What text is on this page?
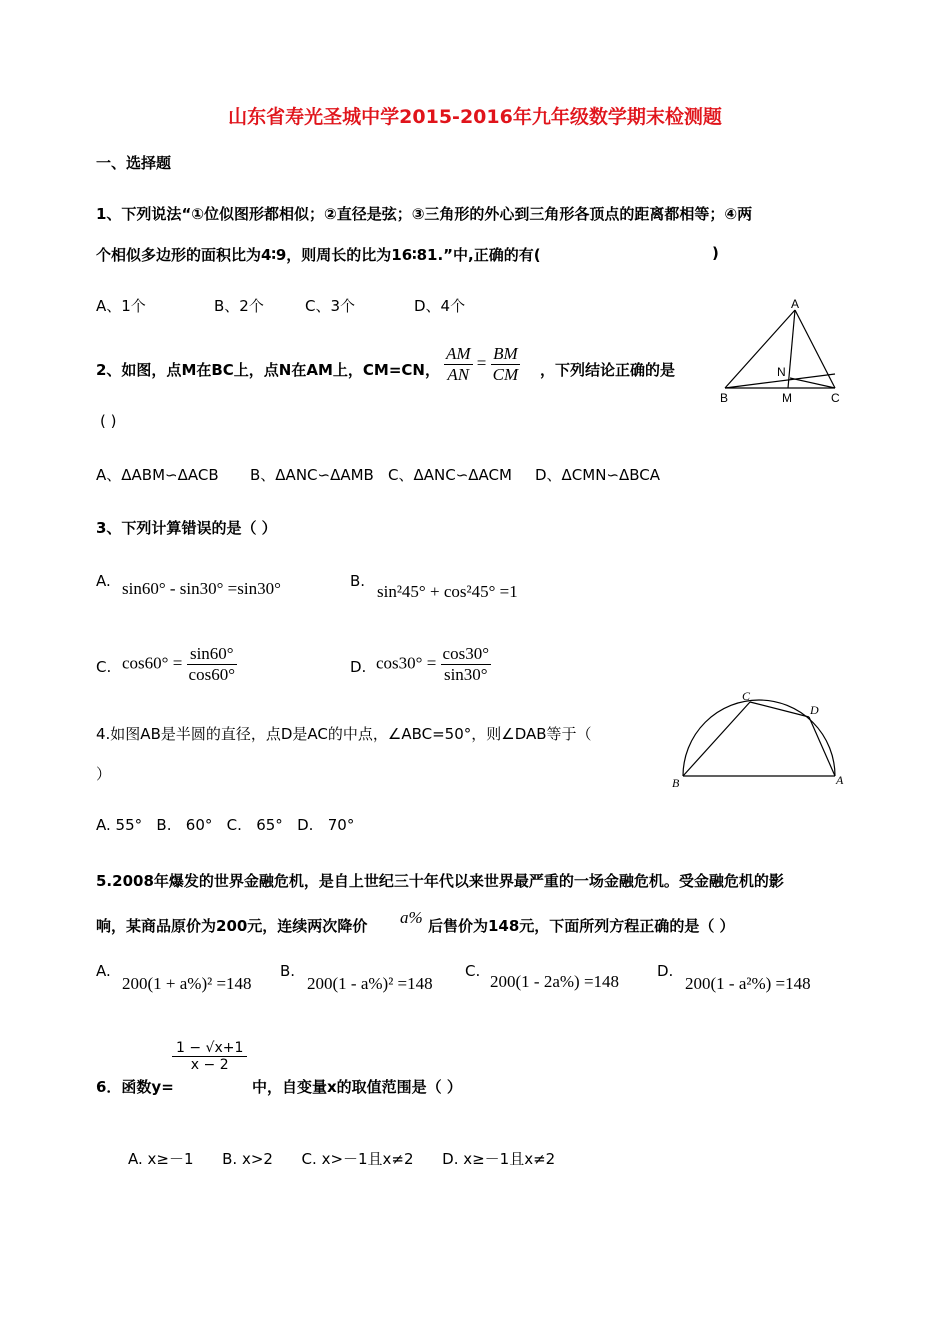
山东省寿光圣城中学2015-2016年九年级数学期末检测题
一、选择题
1、下列说法“①位似图形都相似；②直径是弦；③三角形的外心到三角形各顶点的距离都相等；④两
个相似多边形的面积比为4∶9，则周长的比为16∶81.”中,正确的有(	)
A、1个	B、2个	C、3个	D、4个
2、如图，点M在BC上，点N在AM上，CM=CN， $\frac{AM}{AN} = \frac{BM}{CM}$ ，下列结论正确的是
( )
A、ΔABM∽ΔACB B、ΔANC∽ΔAMB C、ΔANC∽ΔACM D、ΔCMN∽ΔBCA
A
B	M	C
N
3、下列计算错误的是（ ）
A. sin60° - sin30° =sin30°	B.
sin²45° + cos²45° =1
C. $\cos 60^\circ = \frac{\sin 60^\circ}{\cos 60^\circ}$	D. $\cos 30^\circ = \frac{\cos 30^\circ}{\sin 30^\circ}$
4.如图AB是半圆的直径，点D是AC的中点，∠ABC=50°，则∠DAB等于（
）
A. 55°   B.   60°   C.   65°   D.   70°
B
C
D
A
5.2008年爆发的世界金融危机，是自上世纪三十年代以来世界最严重的一场金融危机。受金融危机的影
响，某商品原价为200元，连续两次降价 a% 后售价为148元，下面所列方程正确的是（ ）
A.
200(1 + a%)² =148
B.
200(1 - a%)² =148
C.
200(1 - 2a%) =148
D.
200(1 - a²%) =148
6．函数y=
$\frac{1 - √x+1}{x - 2}$
中，自变量x的取值范围是（ ）
A. x≥－1      B. x>2      C. x>－1且x≠2      D. x≥－1且x≠2
